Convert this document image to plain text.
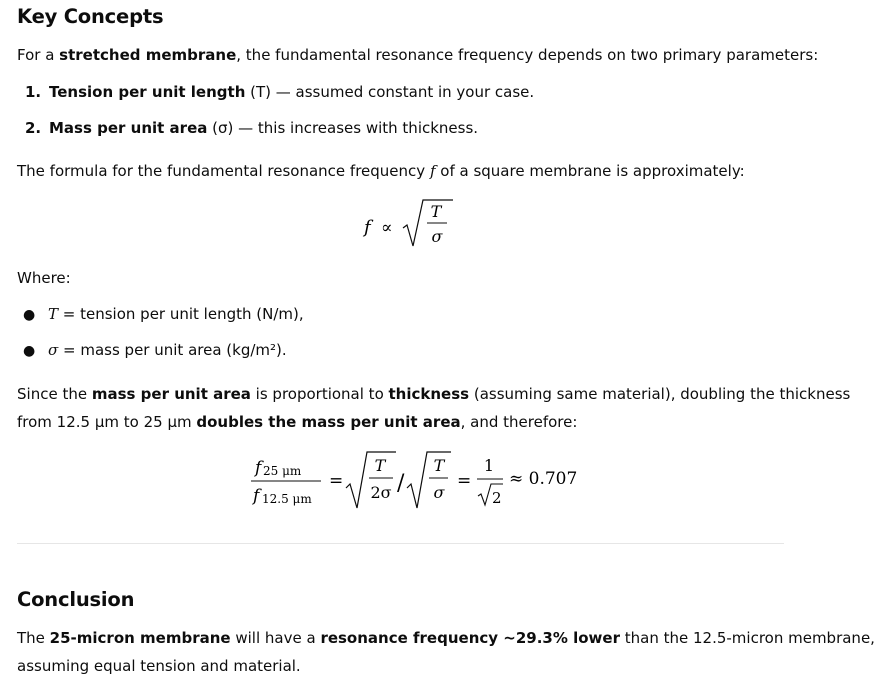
Key Concepts

For a stretched membrane, the fundamental resonance frequency depends on two primary parameters:

1. Tension per unit length (T) — assumed constant in your case.
2. Mass per unit area (σ) — this increases with thickness.

The formula for the fundamental resonance frequency f of a square membrane is approximately:

f ∝
T
σ

Where:

● T = tension per unit length (N/m),
● σ = mass per unit area (kg/m²).

Since the mass per unit area is proportional to thickness (assuming same material), doubling the thickness

from 12.5 μm to 25 μm doubles the mass per unit area, and therefore:

f 25 μm
f 12.5 μm
=
T
2σ /
T
σ
=
1
2
≈ 0.707
Conclusion

The 25-micron membrane will have a resonance frequency ~29.3% lower than the 12.5-micron membrane,

assuming equal tension and material.
